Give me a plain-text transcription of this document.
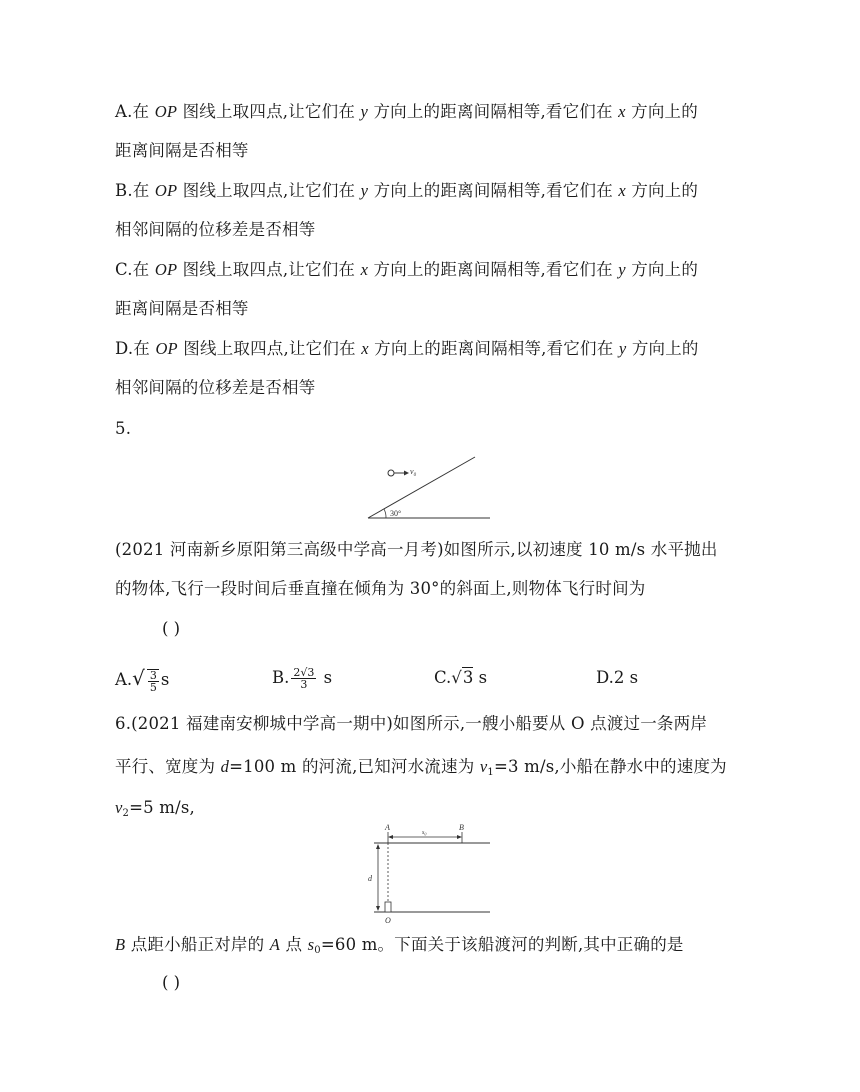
A.在 OP 图线上取四点,让它们在 y 方向上的距离间隔相等,看它们在 x 方向上的
距离间隔是否相等
B.在 OP 图线上取四点,让它们在 y 方向上的距离间隔相等,看它们在 x 方向上的
相邻间隔的位移差是否相等
C.在 OP 图线上取四点,让它们在 x 方向上的距离间隔相等,看它们在 y 方向上的
距离间隔是否相等
D.在 OP 图线上取四点,让它们在 x 方向上的距离间隔相等,看它们在 y 方向上的
相邻间隔的位移差是否相等
5.
30°
$v_0$
(2021 河南新乡原阳第三高级中学高一月考)如图所示,以初速度 10 m/s 水平抛出
的物体,飞行一段时间后垂直撞在倾角为 30°的斜面上,则物体飞行时间为
( )
$A.√ \frac{3}{5}$ s	B. $\frac{2√3}{3}$ s	C.√3 s	D.2 s
6.(2021 福建南安柳城中学高一期中)如图所示,一艘小船要从 O 点渡过一条两岸
平行、宽度为 d=100 m 的河流,已知河水流速为 $v_1=3$ m/s,小船在静水中的速度为
$v_2=5$ m/s,
A	B
$s_0$
d
O
B 点距小船正对岸的 A 点 $s_0=60$ m。下面关于该船渡河的判断,其中正确的是
( )
